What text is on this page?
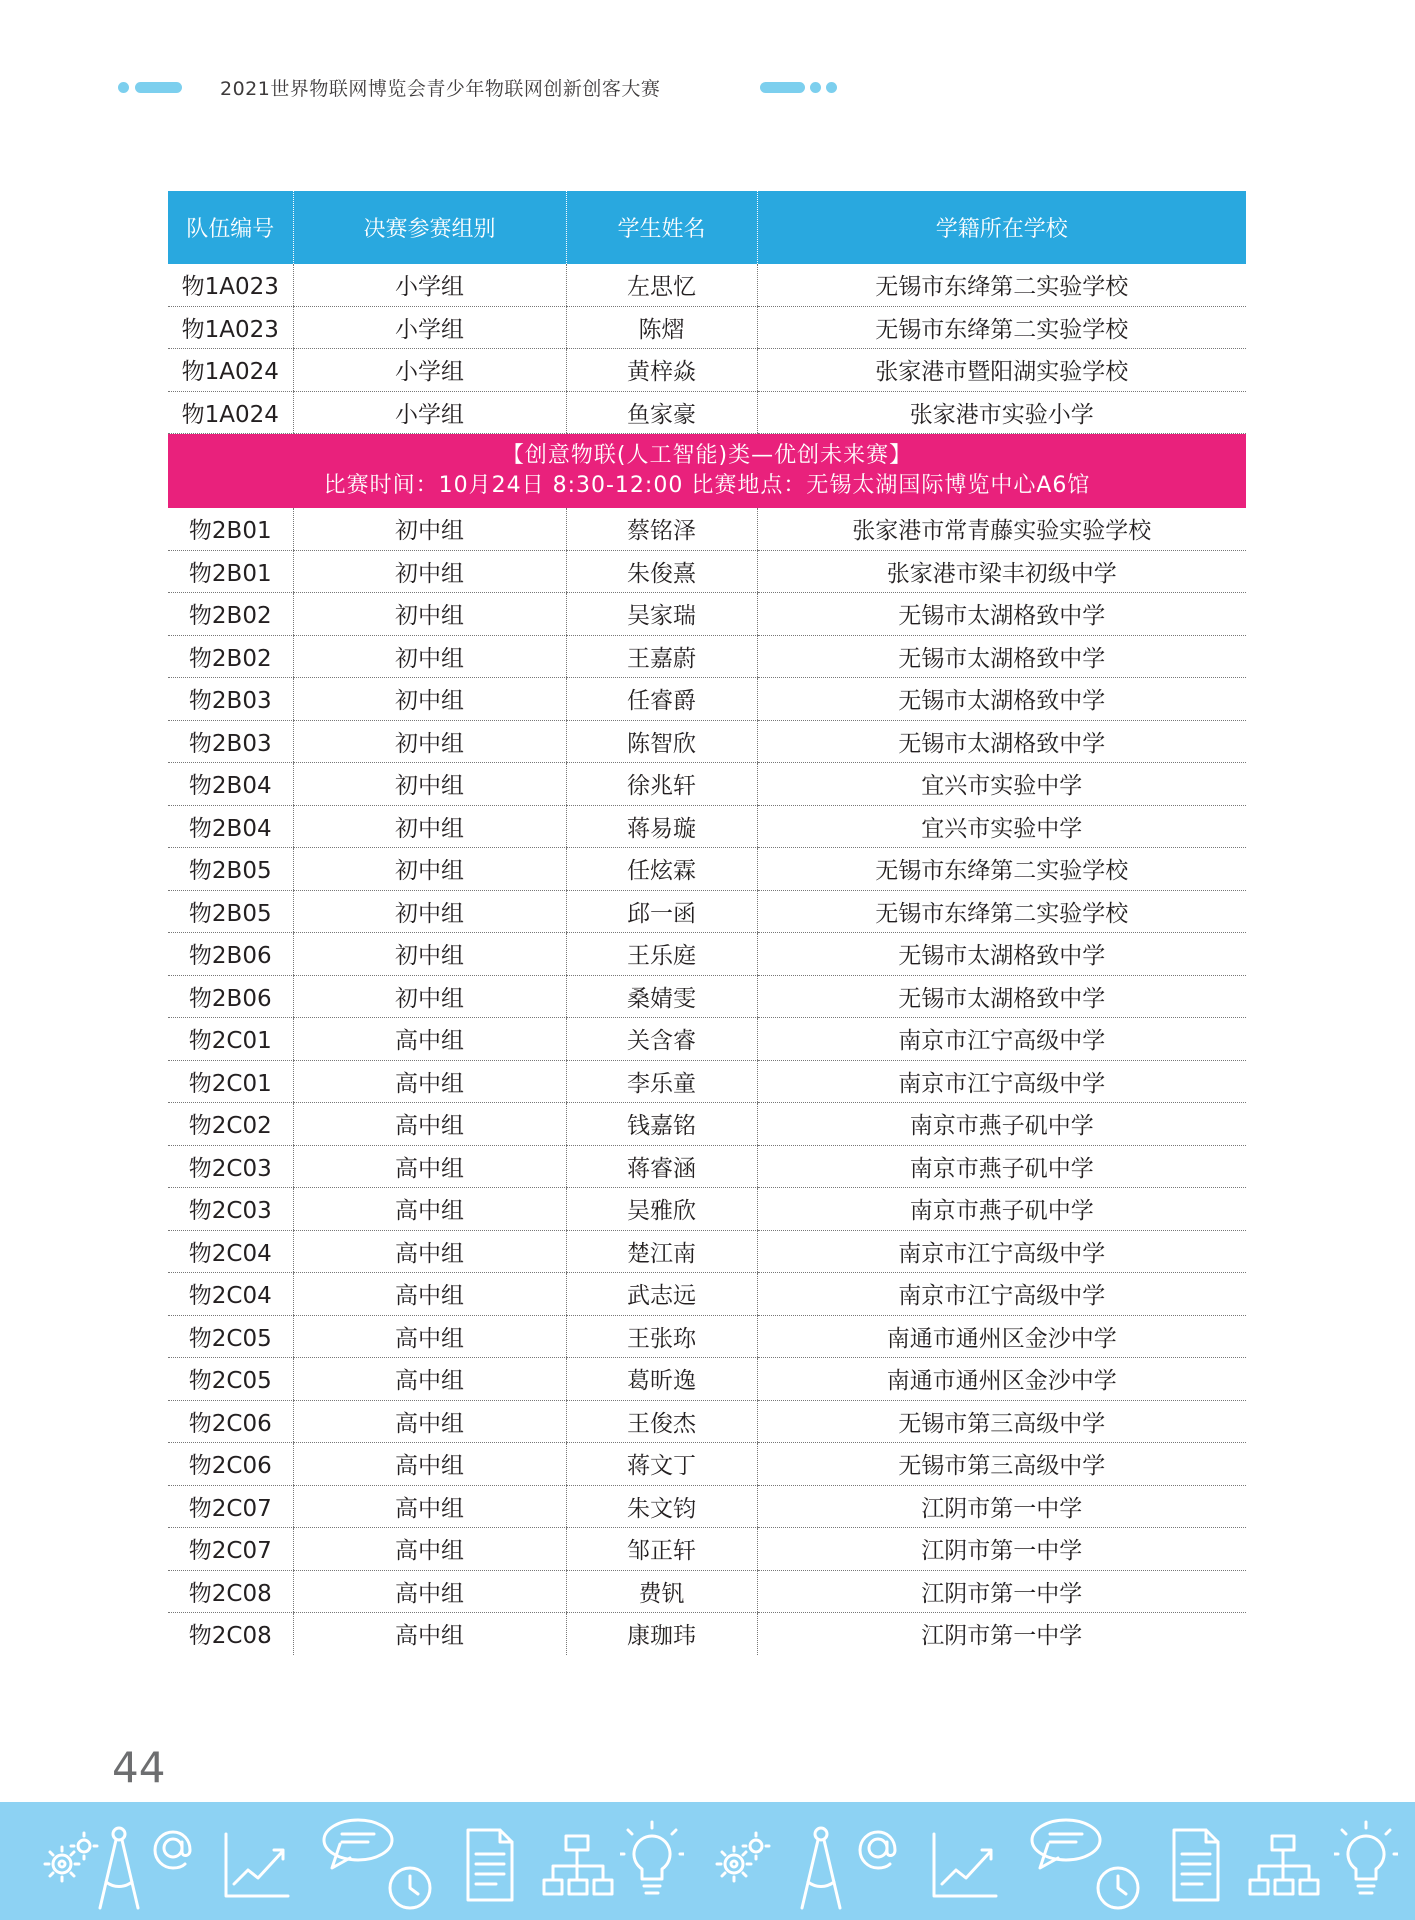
2021世界物联网博览会青少年物联网创新创客大赛
队伍编号	决赛参赛组别	学生姓名	学籍所在学校
物1A023	小学组	左思忆	无锡市东绛第二实验学校
物1A023	小学组	陈熠	无锡市东绛第二实验学校
物1A024	小学组	黄梓焱	张家港市暨阳湖实验学校
物1A024	小学组	鱼家豪	张家港市实验小学

【创意物联(人工智能)类—优创未来赛】
比赛时间：10月24日 8:30-12:00 比赛地点：无锡太湖国际博览中心A6馆			

物2B01	初中组	蔡铭泽	张家港市常青藤实验实验学校
物2B01	初中组	朱俊熹	张家港市梁丰初级中学
物2B02	初中组	吴家瑞	无锡市太湖格致中学
物2B02	初中组	王嘉蔚	无锡市太湖格致中学
物2B03	初中组	任睿爵	无锡市太湖格致中学
物2B03	初中组	陈智欣	无锡市太湖格致中学
物2B04	初中组	徐兆轩	宜兴市实验中学
物2B04	初中组	蒋易璇	宜兴市实验中学
物2B05	初中组	任炫霖	无锡市东绛第二实验学校
物2B05	初中组	邱一函	无锡市东绛第二实验学校
物2B06	初中组	王乐庭	无锡市太湖格致中学
物2B06	初中组	桑婧雯	无锡市太湖格致中学
物2C01	高中组	关含睿	南京市江宁高级中学
物2C01	高中组	李乐童	南京市江宁高级中学
物2C02	高中组	钱嘉铭	南京市燕子矶中学
物2C03	高中组	蒋睿涵	南京市燕子矶中学
物2C03	高中组	吴雅欣	南京市燕子矶中学
物2C04	高中组	楚江南	南京市江宁高级中学
物2C04	高中组	武志远	南京市江宁高级中学
物2C05	高中组	王张珎	南通市通州区金沙中学
物2C05	高中组	葛昕逸	南通市通州区金沙中学
物2C06	高中组	王俊杰	无锡市第三高级中学
物2C06	高中组	蒋文丁	无锡市第三高级中学
物2C07	高中组	朱文钧	江阴市第一中学
物2C07	高中组	邹正轩	江阴市第一中学
物2C08	高中组	费钒	江阴市第一中学
物2C08	高中组	康珈玮	江阴市第一中学
44
